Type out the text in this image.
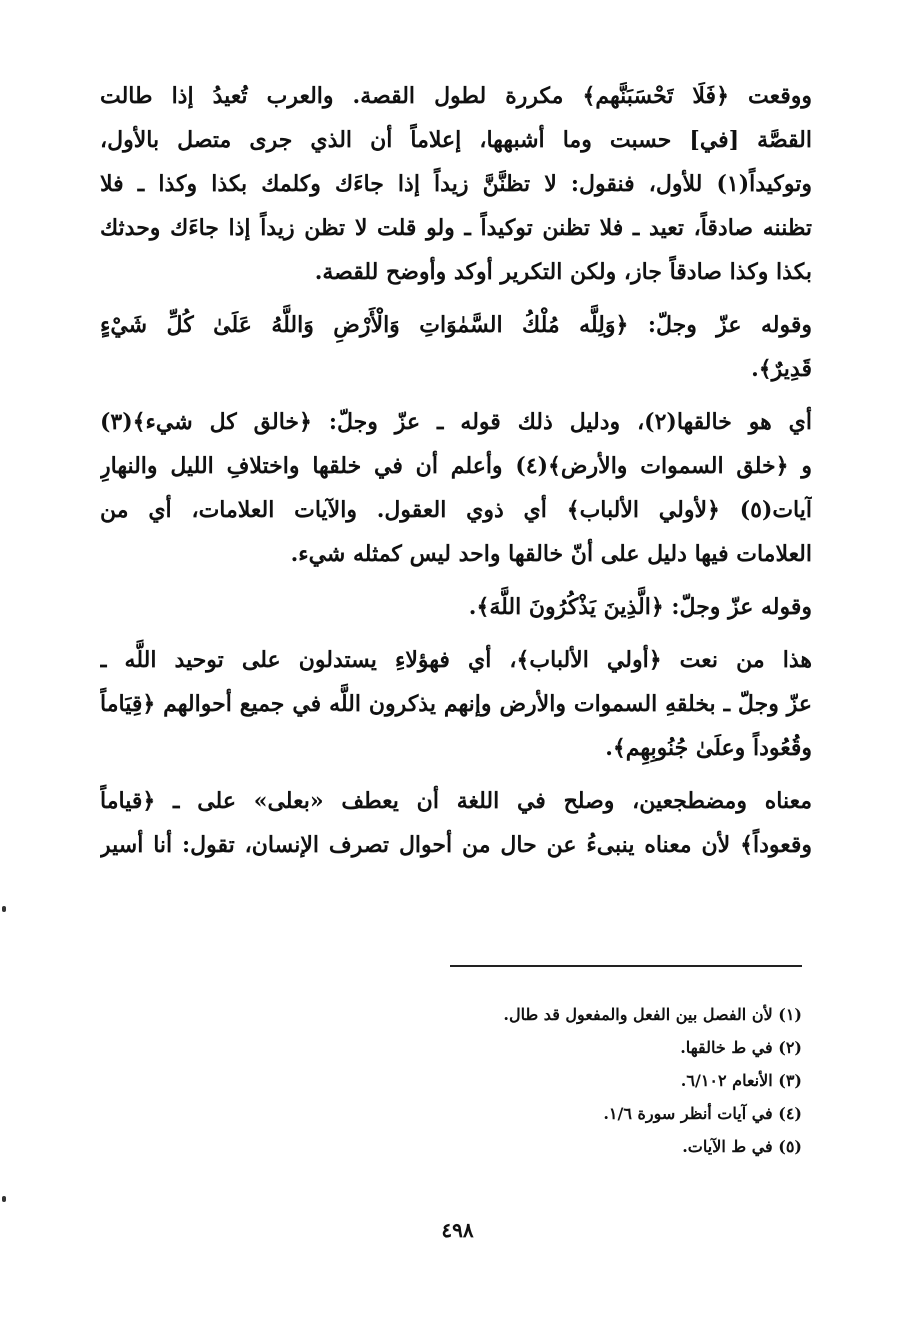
ووقعت ﴿فَلَا تَحْسَبَنَّهم﴾ مكررة لطول القصة. والعرب تُعيدُ إذا طالت
القصَّة [في] حسبت وما أشبهها، إعلاماً أن الذي جرى متصل بالأول،
وتوكيداً(١) للأول، فنقول: لا تظنَّنَّ زيداً إذا جاءَك وكلمك بكذا وكذا ـ فلا
تظننه صادقاً، تعيد ـ فلا تظنن توكيداً ـ ولو قلت لا تظن زيداً إذا جاءَك وحدثك
بكذا وكذا صادقاً جاز، ولكن التكرير أوكد وأوضح للقصة.
وقوله عزّ وجلّ: ﴿وَلِلَّه مُلْكُ السَّمٰوَاتِ وَالْأَرْضِ وَاللَّهُ عَلَىٰ كُلِّ شَيْءٍ
قَدِيرٌ﴾.
أي هو خالقها(٢)، ودليل ذلك قوله ـ عزّ وجلّ: ﴿خالق كل شيء﴾(٣)
و ﴿خلق السموات والأرض﴾(٤) وأعلم أن في خلقها واختلافِ الليل والنهارِ
آيات(٥) ﴿لأولي الألباب﴾ أي ذوي العقول. والآيات العلامات، أي من
العلامات فيها دليل على أنّ خالقها واحد ليس كمثله شيء.
وقوله عزّ وجلّ: ﴿الَّذِينَ يَذْكُرُونَ اللَّهَ﴾.
هذا من نعت ﴿أولي الألباب﴾، أي فهؤلاءِ يستدلون على توحيد اللَّه ـ
عزّ وجلّ ـ بخلقهِ السموات والأرض وإنهم يذكرون اللَّه في جميع أحوالهم ﴿قِيَاماً
وقُعُوداً وعلَىٰ جُنُوبِهِم﴾.
معناه ومضطجعين، وصلح في اللغة أن يعطف «بعلى» على ـ ﴿قياماً
وقعوداً﴾ لأن معناه ينبىءُ عن حال من أحوال تصرف الإنسان، تقول: أنا أسير
(١) لأن الفصل بين الفعل والمفعول قد طال.
(٢) في ط خالقها.
(٣) الأنعام ٦/١٠٢.
(٤) في آيات أنظر سورة ١/٦.
(٥) في ط الآيات.
٤٩٨
